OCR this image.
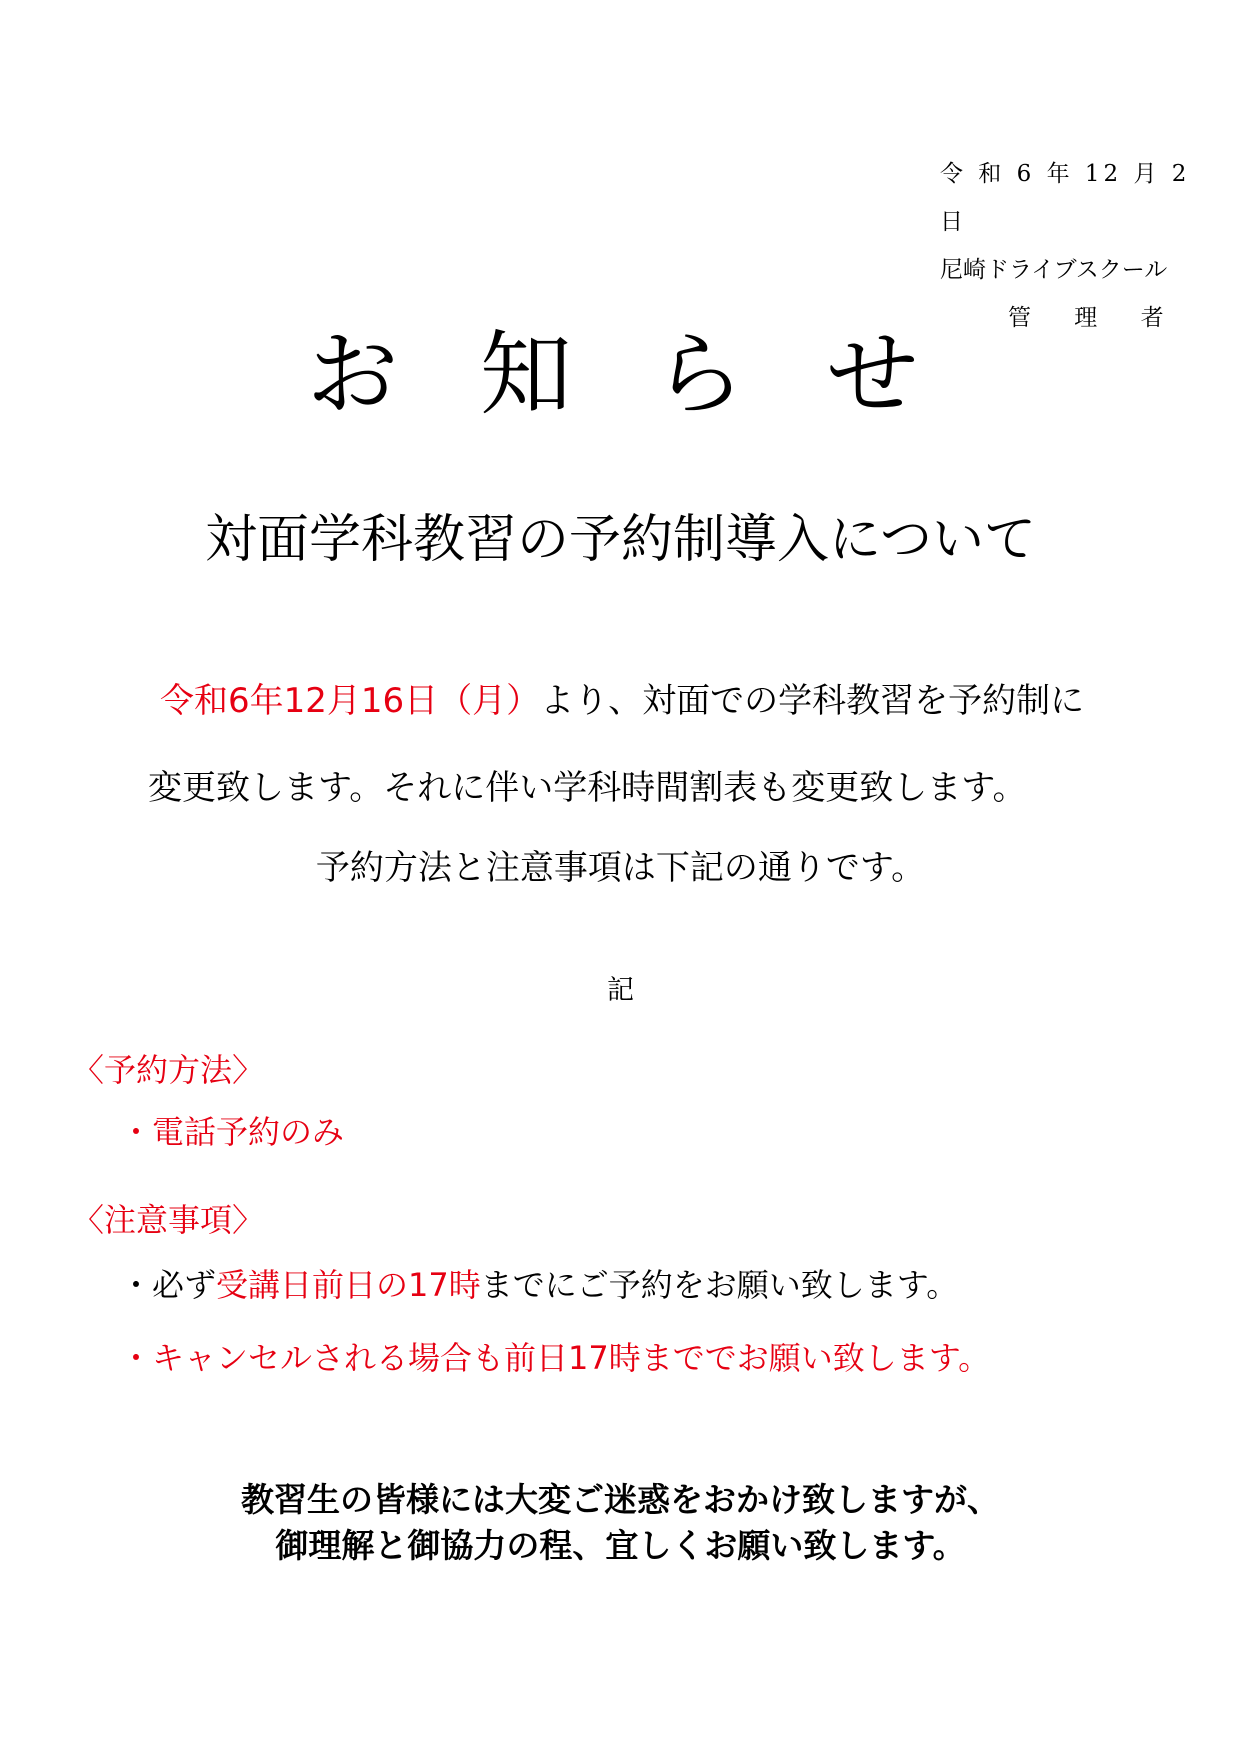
令 和 6 年 12 月 2 日
尼崎ドライブスクール
管 理 者
お 知 ら せ
対面学科教習の予約制導入について
令和6年12月16日（月）より、対面での学科教習を予約制に
変更致します。それに伴い学科時間割表も変更致します。
予約方法と注意事項は下記の通りです。
記
〈予約方法〉
・電話予約のみ
〈注意事項〉
・必ず受講日前日の17時までにご予約をお願い致します。
・キャンセルされる場合も前日17時まででお願い致します。
教習生の皆様には大変ご迷惑をおかけ致しますが、
御理解と御協力の程、宜しくお願い致します。
